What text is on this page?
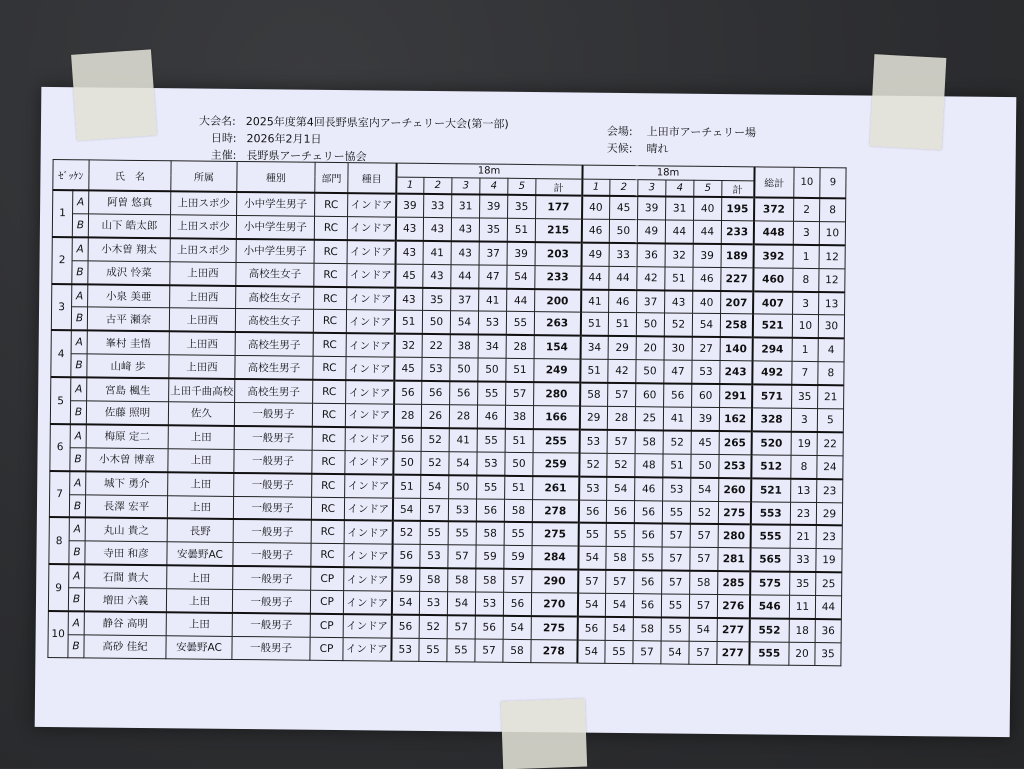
大会名: 2025年度第4回長野県室内アーチェリー大会(第一部)
日時: 2026年2月1日
主催: 長野県アーチェリー協会
会場: 上田市アーチェリー場
天候: 晴れ
ｾﾞｯｹﾝ		氏　名	所属	種別	部門	種目	18m						18m						総計	10	9
							1	2	3	4	5	計	1	2	3	4	5	計			
1	A	阿曽 悠真	上田スポ少	小中学生男子	RC	インドア	39	33	31	39	35	177	40	45	39	31	40	195	372	2	8
	B	山下 皓太郎	上田スポ少	小中学生男子	RC	インドア	43	43	43	35	51	215	46	50	49	44	44	233	448	3	10
2	A	小木曽 翔太	上田スポ少	小中学生男子	RC	インドア	43	41	43	37	39	203	49	33	36	32	39	189	392	1	12
	B	成沢 怜菜	上田西	高校生女子	RC	インドア	45	43	44	47	54	233	44	44	42	51	46	227	460	8	12
3	A	小泉 美亜	上田西	高校生女子	RC	インドア	43	35	37	41	44	200	41	46	37	43	40	207	407	3	13
	B	古平 瀬奈	上田西	高校生女子	RC	インドア	51	50	54	53	55	263	51	51	50	52	54	258	521	10	30
4	A	峯村 圭悟	上田西	高校生男子	RC	インドア	32	22	38	34	28	154	34	29	20	30	27	140	294	1	4
	B	山﨑 歩	上田西	高校生男子	RC	インドア	45	53	50	50	51	249	51	42	50	47	53	243	492	7	8
5	A	宮島 楓生	上田千曲高校	高校生男子	RC	インドア	56	56	56	55	57	280	58	57	60	56	60	291	571	35	21
	B	佐藤 照明	佐久	一般男子	RC	インドア	28	26	28	46	38	166	29	28	25	41	39	162	328	3	5
6	A	梅原 定二	上田	一般男子	RC	インドア	56	52	41	55	51	255	53	57	58	52	45	265	520	19	22
	B	小木曽 博章	上田	一般男子	RC	インドア	50	52	54	53	50	259	52	52	48	51	50	253	512	8	24
7	A	城下 勇介	上田	一般男子	RC	インドア	51	54	50	55	51	261	53	54	46	53	54	260	521	13	23
	B	長澤 宏平	上田	一般男子	RC	インドア	54	57	53	56	58	278	56	56	56	55	52	275	553	23	29
8	A	丸山 貴之	長野	一般男子	RC	インドア	52	55	55	58	55	275	55	55	56	57	57	280	555	21	23
	B	寺田 和彦	安曇野AC	一般男子	RC	インドア	56	53	57	59	59	284	54	58	55	57	57	281	565	33	19
9	A	石間 貴大	上田	一般男子	CP	インドア	59	58	58	58	57	290	57	57	56	57	58	285	575	35	25
	B	増田 六義	上田	一般男子	CP	インドア	54	53	54	53	56	270	54	54	56	55	57	276	546	11	44
10	A	静谷 高明	上田	一般男子	CP	インドア	56	52	57	56	54	275	56	54	58	55	54	277	552	18	36
	B	高砂 佳紀	安曇野AC	一般男子	CP	インドア	53	55	55	57	58	278	54	55	57	54	57	277	555	20	35
